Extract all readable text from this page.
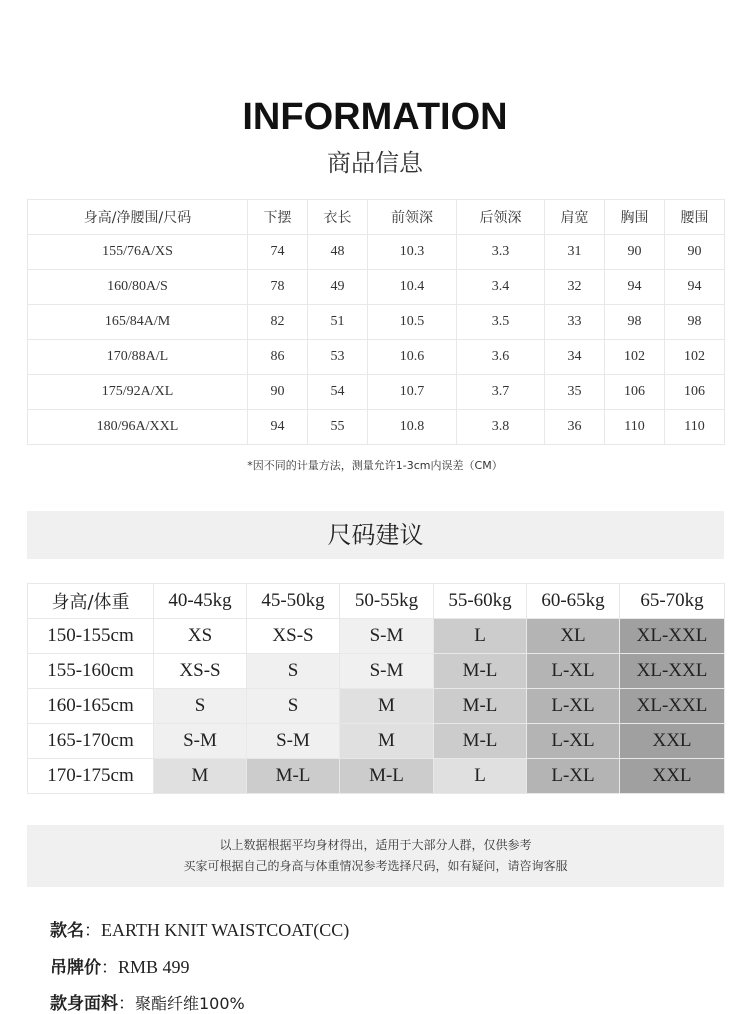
INFORMATION
商品信息
身高/净腰围/尺码	下摆	衣长	前领深	后领深	肩宽	胸围	腰围
155/76A/XS	74	48	10.3	3.3	31	90	90
160/80A/S	78	49	10.4	3.4	32	94	94
165/84A/M	82	51	10.5	3.5	33	98	98
170/88A/L	86	53	10.6	3.6	34	102	102
175/92A/XL	90	54	10.7	3.7	35	106	106
180/96A/XXL	94	55	10.8	3.8	36	110	110
*因不同的计量方法，测量允许1-3cm内误差（CM）
尺码建议
身高/体重	40-45kg	45-50kg	50-55kg	55-60kg	60-65kg	65-70kg
150-155cm	XS	XS-S	S-M	L	XL	XL-XXL
155-160cm	XS-S	S	S-M	M-L	L-XL	XL-XXL
160-165cm	S	S	M	M-L	L-XL	XL-XXL
165-170cm	S-M	S-M	M	M-L	L-XL	XXL
170-175cm	M	M-L	M-L	L	L-XL	XXL
以上数据根据平均身材得出，适用于大部分人群，仅供参考
买家可根据自己的身高与体重情况参考选择尺码，如有疑问，请咨询客服
款名：EARTH KNIT WAISTCOAT(CC)
吊牌价：RMB 499
款身面料：聚酯纤维100%
